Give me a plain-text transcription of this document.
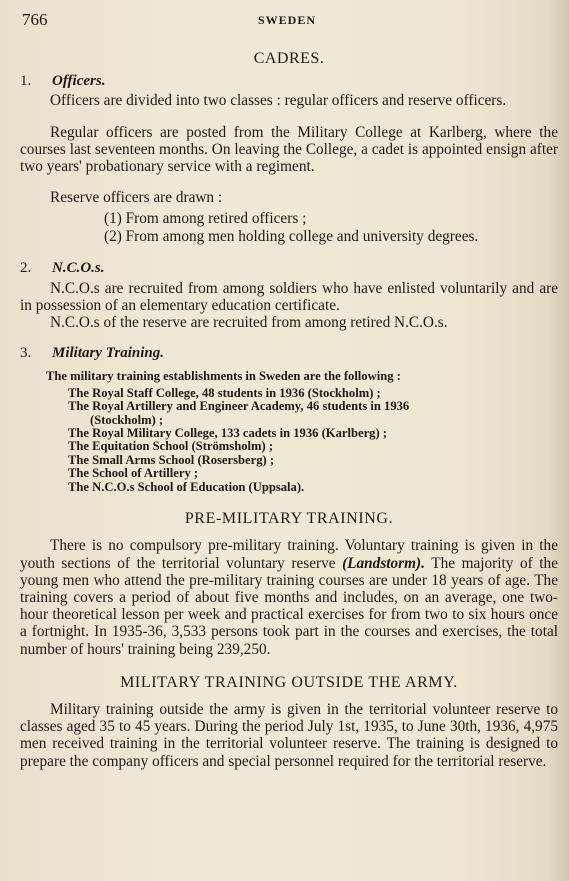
766	SWEDEN
CADRES.
1. Officers.

Officers are divided into two classes : regular officers and reserve officers.

Regular officers are posted from the Military College at Karlberg, where the courses last seventeen months. On leaving the College, a cadet is appointed ensign after two years' probationary service with a regiment.

Reserve officers are drawn :

(1) From among retired officers ;
(2) From among men holding college and university degrees.
2. N.C.O.s.

N.C.O.s are recruited from among soldiers who have enlisted voluntarily and are in possession of an elementary education certificate.

N.C.O.s of the reserve are recruited from among retired N.C.O.s.

3. Military Training.
The military training establishments in Sweden are the following :
The Royal Staff College, 48 students in 1936 (Stockholm) ;
The Royal Artillery and Engineer Academy, 46 students in 1936
(Stockholm) ;
The Royal Military College, 133 cadets in 1936 (Karlberg) ;
The Equitation School (Strömsholm) ;
The Small Arms School (Rosersberg) ;
The School of Artillery ;
The N.C.O.s School of Education (Uppsala).
PRE-MILITARY TRAINING.

There is no compulsory pre-military training. Voluntary training is given in the youth sections of the territorial voluntary reserve (Landstorm). The majority of the young men who attend the pre-military training courses are under 18 years of age. The training covers a period of about five months and includes, on an average, one two-hour theoretical lesson per week and practical exercises for from two to six hours once a fortnight. In 1935-36, 3,533 persons took part in the courses and exercises, the total number of hours' training being 239,250.

MILITARY TRAINING OUTSIDE THE ARMY.

Military training outside the army is given in the territorial volunteer reserve to classes aged 35 to 45 years. During the period July 1st, 1935, to June 30th, 1936, 4,975 men received training in the territorial volunteer reserve. The training is designed to prepare the company officers and special personnel required for the territorial reserve.
